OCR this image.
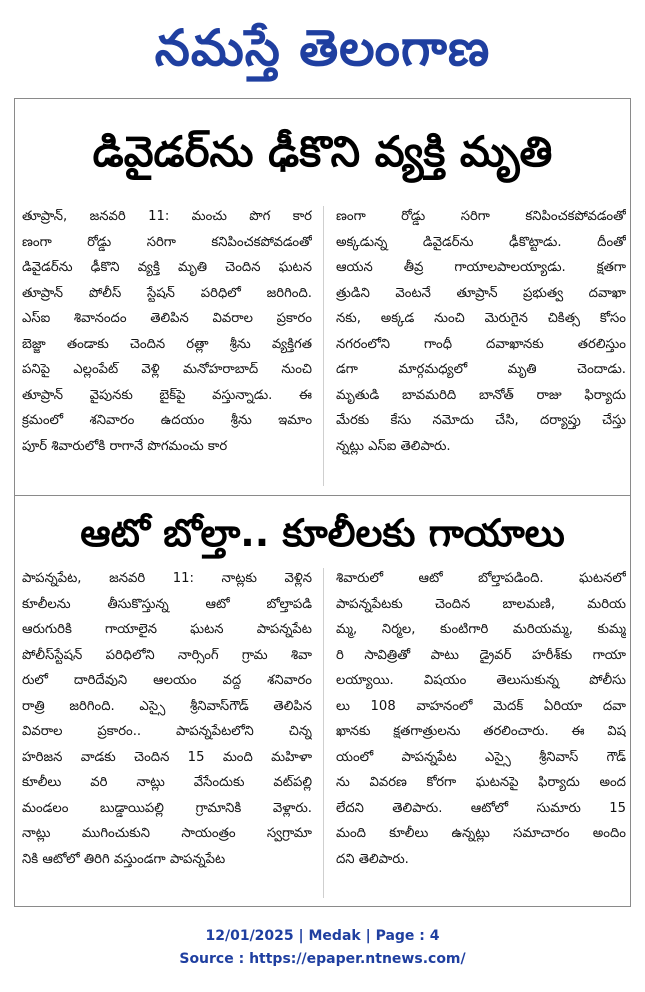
నమస్తే తెలంగాణ
డివైడర్‌ను ఢీకొని వ్యక్తి మృతి
తూప్రాన్, జనవరి 11: మంచు పొగ కార
ణంగా రోడ్డు సరిగా కనిపించకపోవడంతో
డివైడర్‌ను ఢీకొని వ్యక్తి మృతి చెందిన ఘటన
తూప్రాన్ పోలీస్ స్టేషన్ పరిధిలో జరిగింది.
ఎస్ఐ శివానందం తెలిపిన వివరాల ప్రకారం
బెజ్జా తండాకు చెందిన రత్లా శ్రీను వ్యక్తిగత
పనిపై ఎల్లంపేట్ వెళ్లి మనోహరాబాద్ నుంచి
తూప్రాన్ వైపునకు బైక్‌పై వస్తున్నాడు. ఈ
క్రమంలో శనివారం ఉదయం శ్రీను ఇమాం
పూర్ శివారులోకి రాగానే పొగమంచు కార
ణంగా రోడ్డు సరిగా కనిపించకపోవడంతో
అక్కడున్న డివైడర్‌ను ఢీకొట్టాడు. దీంతో
ఆయన తీవ్ర గాయాలపాలయ్యాడు. క్షతగా
త్రుడిని వెంటనే తూప్రాన్ ప్రభుత్వ దవాఖా
నకు, అక్కడ నుంచి మెరుగైన చికిత్స కోసం
నగరంలోని గాంధీ దవాఖానకు తరలిస్తుం
డగా మార్గమధ్యలో మృతి చెందాడు.
మృతుడి బావమరిది బానోత్ రాజు ఫిర్యాదు
మేరకు కేసు నమోదు చేసి, దర్యాప్తు చేస్తు
న్నట్లు ఎస్ఐ తెలిపారు.
ఆటో బోల్తా.. కూలీలకు గాయాలు
పాపన్నపేట, జనవరి 11: నాట్లకు వెళ్లిన
కూలీలను తీసుకొస్తున్న ఆటో బోల్తాపడి
ఆరుగురికి గాయాలైన ఘటన పాపన్నపేట
పోలీస్‌స్టేషన్ పరిధిలోని నార్సింగ్ గ్రామ శివా
రులో దారిదేవుని ఆలయం వద్ద శనివారం
రాత్రి జరిగింది. ఎస్సై శ్రీనివాస్‌గౌడ్ తెలిపిన
వివరాల ప్రకారం.. పాపన్నపేటలోని చిన్న
హరిజన వాడకు చెందిన 15 మంది మహిళా
కూలీలు వరి నాట్లు వేసేందుకు వట్‌పల్లి
మండలం బుడ్డాయిపల్లి గ్రామానికి వెళ్లారు.
నాట్లు ముగించుకుని సాయంత్రం స్వగ్రామా
నికి ఆటోలో తిరిగి వస్తుండగా పాపన్నపేట
శివారులో ఆటో బోల్తాపడింది. ఘటనలో
పాపన్నపేటకు చెందిన బాలమణి, మరియ
మ్మ, నిర్మల, కుంటిగారి మరియమ్మ, కుమ్మ
రి సావిత్రితో పాటు డ్రైవర్ హరీశ్‌కు గాయా
లయ్యాయి. విషయం తెలుసుకున్న పోలీసు
లు 108 వాహనంలో మెదక్ ఏరియా దవా
ఖానకు క్షతగాత్రులను తరలించారు. ఈ విష
యంలో పాపన్నపేట ఎస్సై శ్రీనివాస్ గౌడ్
ను వివరణ కోరగా ఘటనపై ఫిర్యాదు అంద
లేదని తెలిపారు. ఆటోలో సుమారు 15
మంది కూలీలు ఉన్నట్లు సమాచారం అందిం
దని తెలిపారు.
12/01/2025 | Medak | Page : 4
Source : https://epaper.ntnews.com/
